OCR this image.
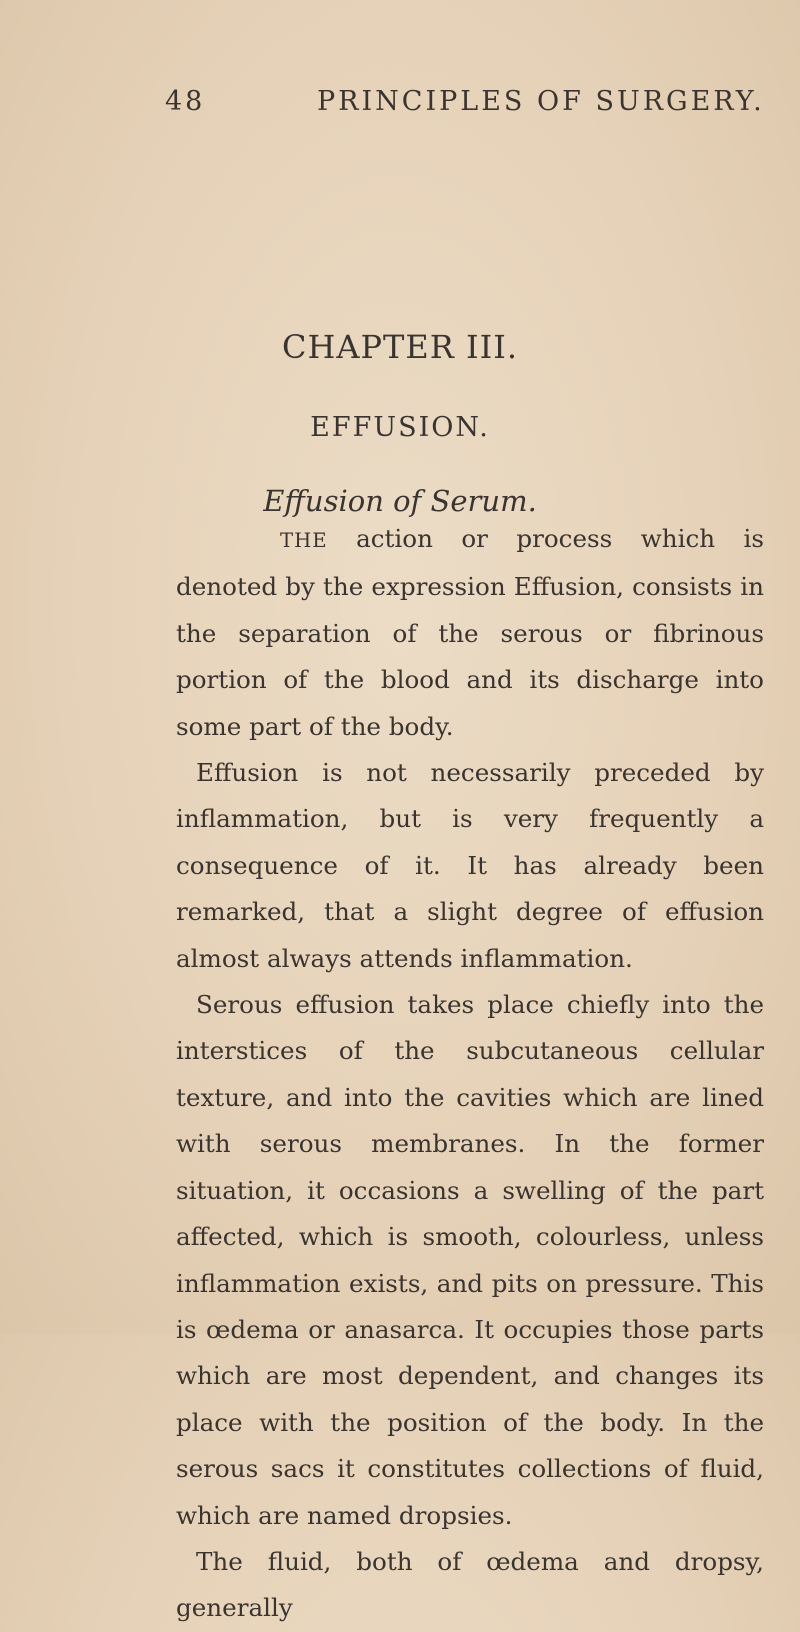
48	PRINCIPLES OF SURGERY.
CHAPTER III.
EFFUSION.
Effusion of Serum.

THE action or process which is denoted by the expression Effusion, consists in the separation of the serous or fibrinous portion of the blood and its discharge into some part of the body.

Effusion is not necessarily preceded by inflammation, but is very frequently a consequence of it. It has already been remarked, that a slight degree of effusion almost always attends inflammation.

Serous effusion takes place chiefly into the interstices of the subcutaneous cellular texture, and into the cavities which are lined with serous membranes. In the former situation, it occasions a swelling of the part affected, which is smooth, colourless, unless inflammation exists, and pits on pressure. This is œdema or anasarca. It occupies those parts which are most dependent, and changes its place with the position of the body. In the serous sacs it constitutes collections of fluid, which are named dropsies.

The fluid, both of œdema and dropsy, generally
